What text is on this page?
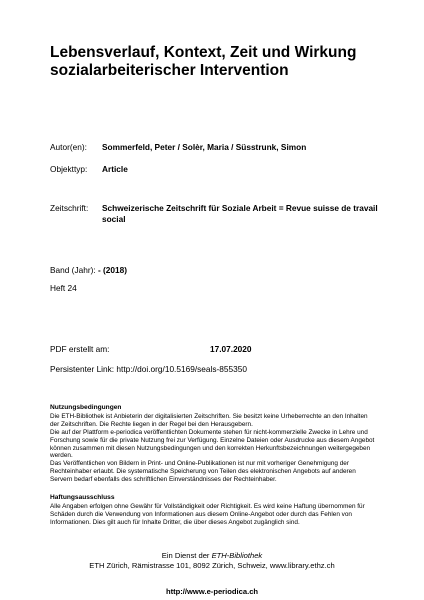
Lebensverlauf, Kontext, Zeit und Wirkung sozialarbeiterischer Intervention
Autor(en):	Sommerfeld, Peter / Solèr, Maria / Süsstrunk, Simon
Objekttyp:	Article
Zeitschrift:	Schweizerische Zeitschrift für Soziale Arbeit = Revue suisse de travail social
Band (Jahr): - (2018)
Heft 24
PDF erstellt am:	17.07.2020
Persistenter Link: http://doi.org/10.5169/seals-855350
Nutzungsbedingungen

Die ETH-Bibliothek ist Anbieterin der digitalisierten Zeitschriften. Sie besitzt keine Urheberrechte an den Inhalten der Zeitschriften. Die Rechte liegen in der Regel bei den Herausgebern.

Die auf der Plattform e-periodica veröffentlichten Dokumente stehen für nicht-kommerzielle Zwecke in Lehre und Forschung sowie für die private Nutzung frei zur Verfügung. Einzelne Dateien oder Ausdrucke aus diesem Angebot können zusammen mit diesen Nutzungsbedingungen und den korrekten Herkunftsbezeichnungen weitergegeben werden.

Das Veröffentlichen von Bildern in Print- und Online-Publikationen ist nur mit vorheriger Genehmigung der Rechteinhaber erlaubt. Die systematische Speicherung von Teilen des elektronischen Angebots auf anderen Servern bedarf ebenfalls des schriftlichen Einverständnisses der Rechteinhaber.

Haftungsausschluss

Alle Angaben erfolgen ohne Gewähr für Vollständigkeit oder Richtigkeit. Es wird keine Haftung übernommen für Schäden durch die Verwendung von Informationen aus diesem Online-Angebot oder durch das Fehlen von Informationen. Dies gilt auch für Inhalte Dritter, die über dieses Angebot zugänglich sind.

Ein Dienst der ETH-Bibliothek
ETH Zürich, Rämistrasse 101, 8092 Zürich, Schweiz, www.library.ethz.ch
http://www.e-periodica.ch
